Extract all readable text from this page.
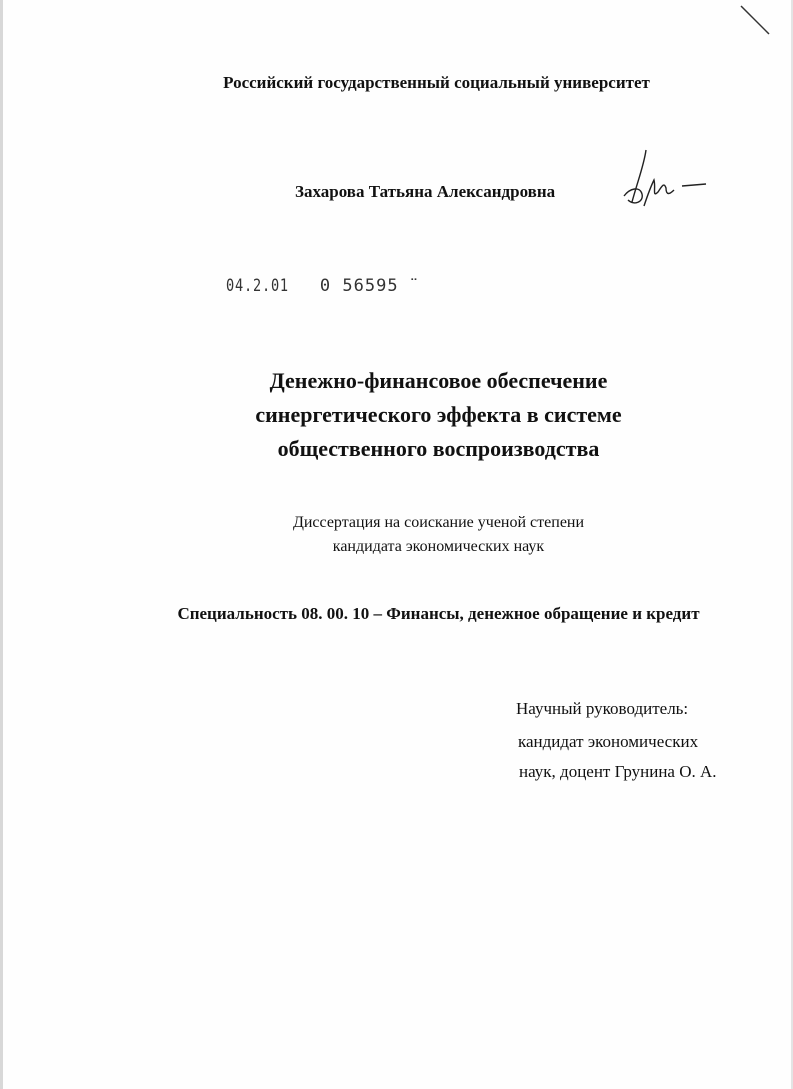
Российский государственный социальный университет
Захарова Татьяна Александровна
04.2.01 0 56595 ̈
Денежно-финансовое обеспечение
синергетического эффекта в системе
общественного воспроизводства
Диссертация на соискание ученой степени
кандидата экономических наук
Специальность 08. 00. 10 – Финансы, денежное обращение и кредит
Научный руководитель:
кандидат экономических
наук, доцент Грунина О. А.
